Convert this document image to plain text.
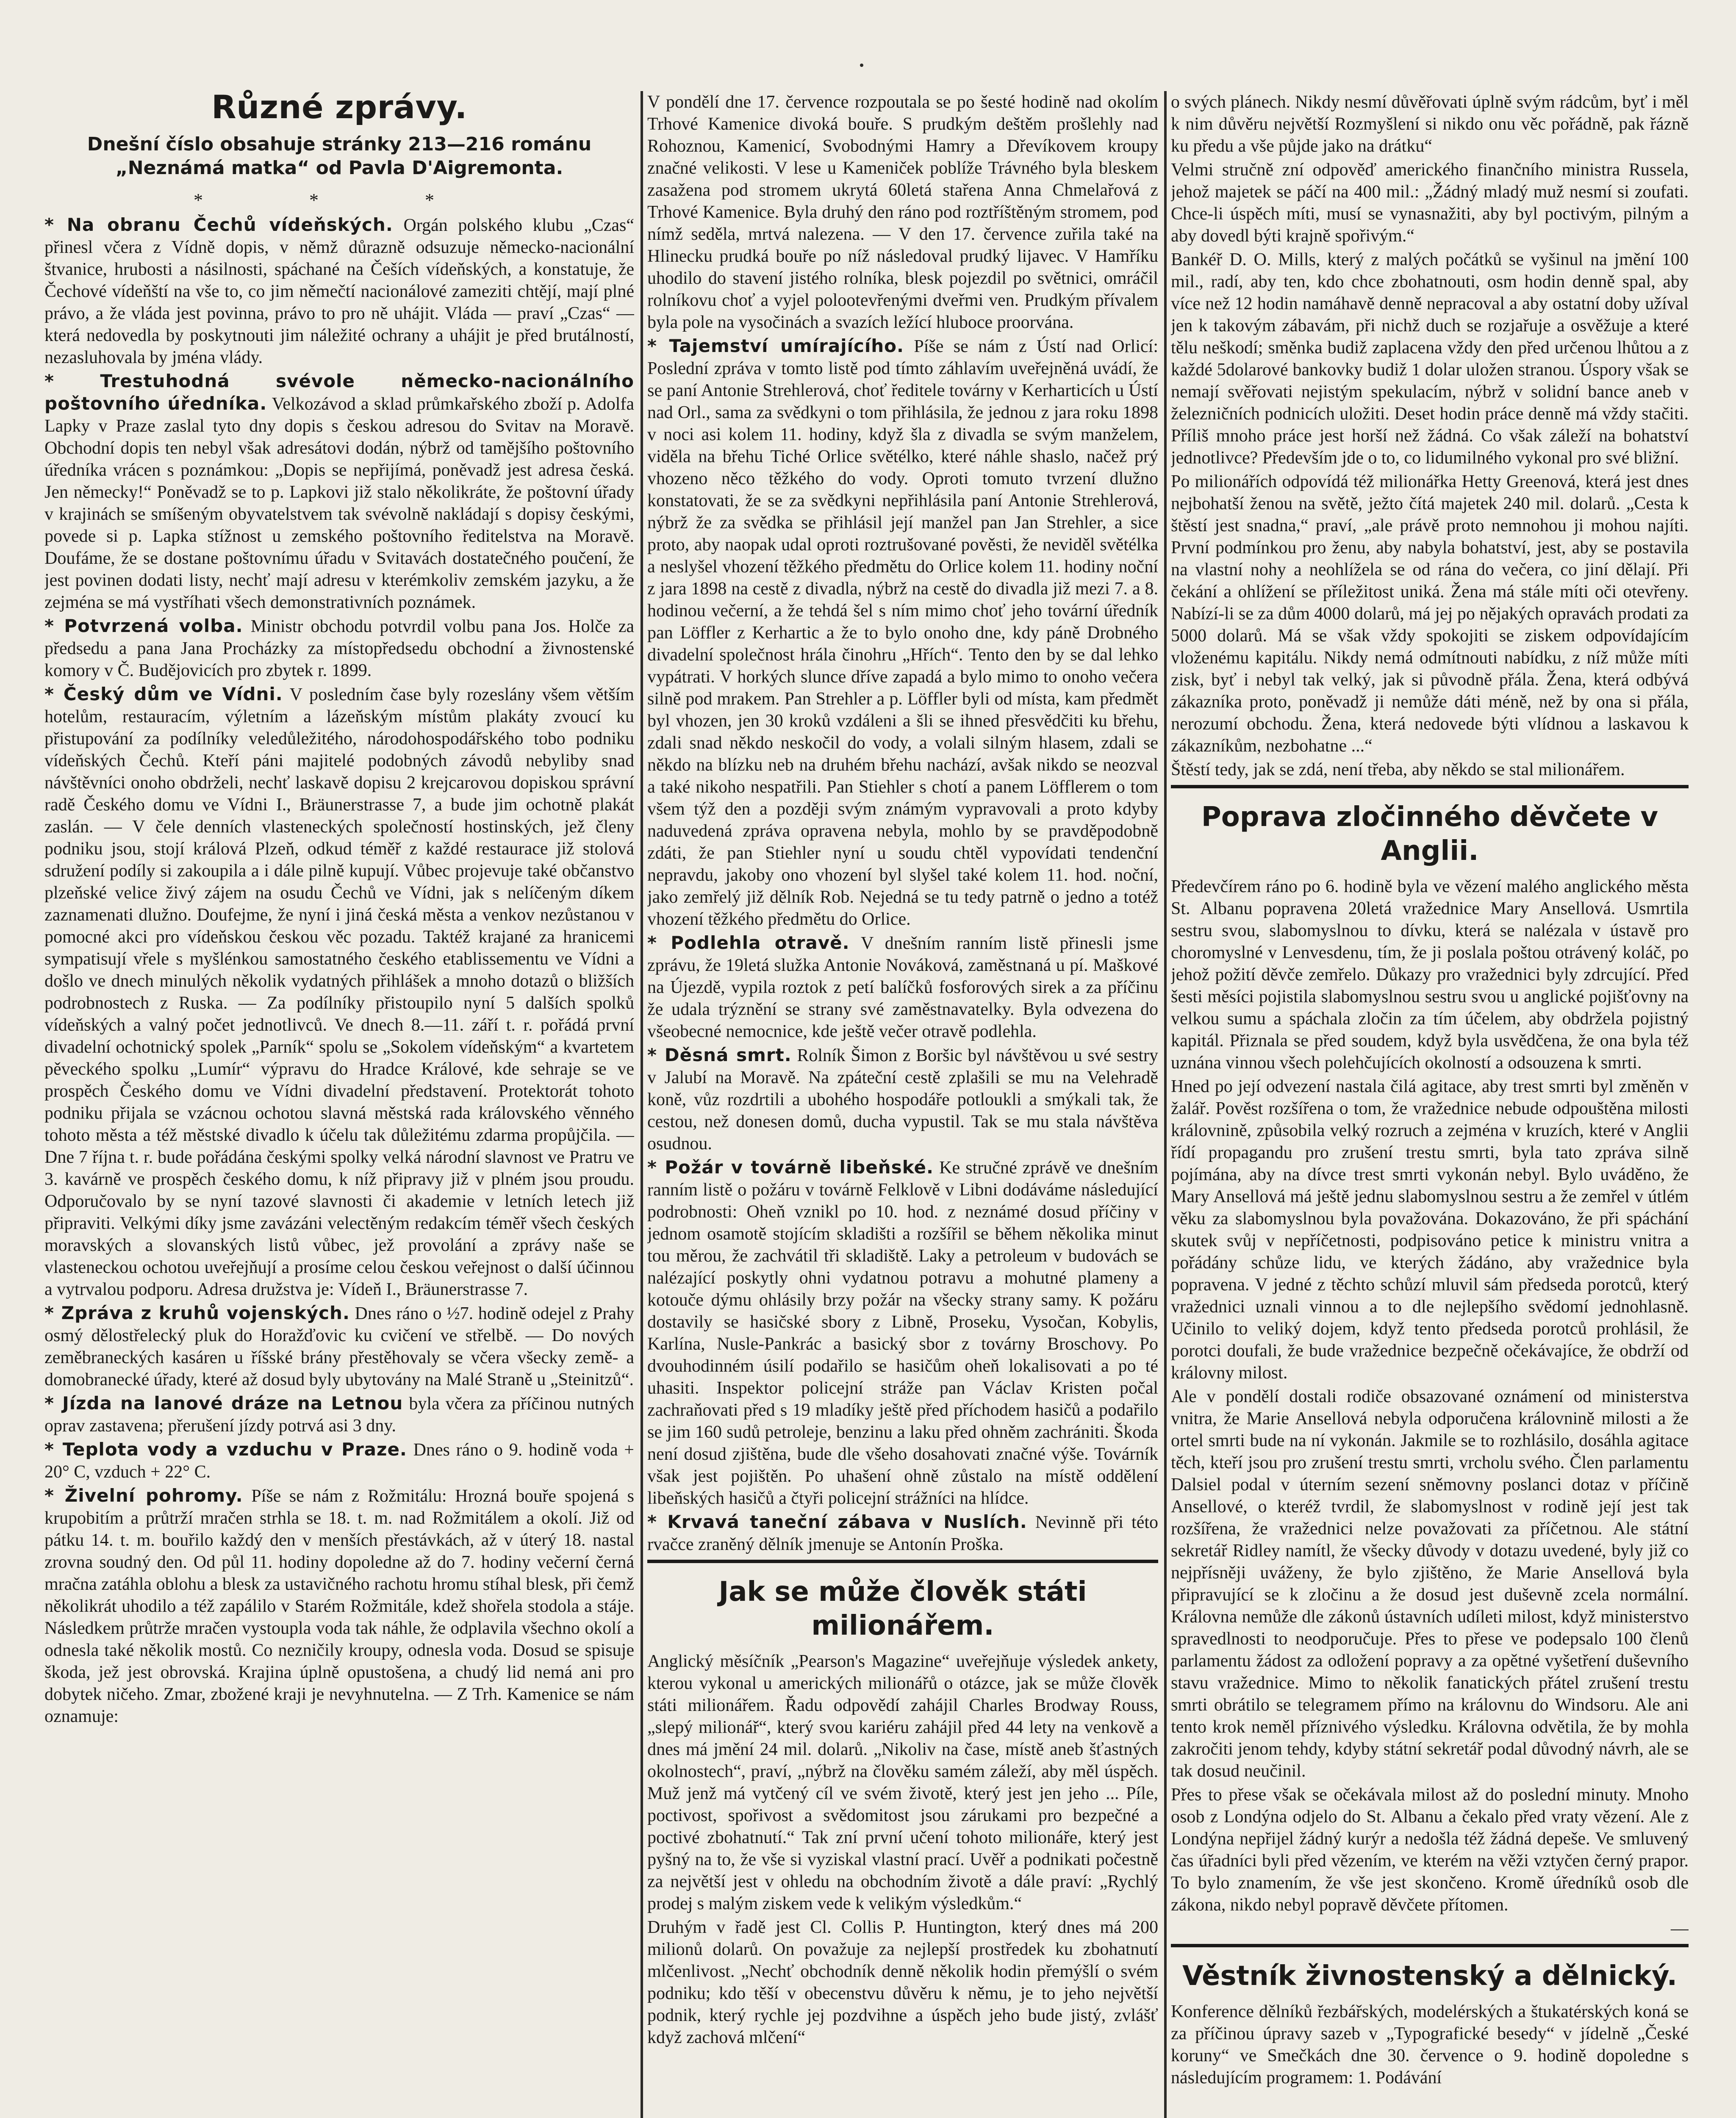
Různé zprávy.
Dnešní číslo obsahuje stránky 213—216 románu „Neznámá matka“ od Pavla D'Aigremonta.
* * *

* Na obranu Čechů vídeňských. Orgán polského klubu „Czas“ přinesl včera z Vídně dopis, v němž důrazně odsuzuje německo-nacionální štvanice, hrubosti a násilnosti, spáchané na Češích vídeňských, a konstatuje, že Čechové vídeňští na vše to, co jim němečtí nacionálové zameziti chtějí, mají plné právo, a že vláda jest povinna, právo to pro ně uhájit. Vláda — praví „Czas“ — která nedovedla by poskytnouti jim náležité ochrany a uhájit je před brutálností, nezasluhovala by jména vlády.

* Trestuhodná svévole německo-nacionálního poštovního úředníka. Velkozávod a sklad průmkařského zboží p. Adolfa Lapky v Praze zaslal tyto dny dopis s českou adresou do Svitav na Moravě. Obchodní dopis ten nebyl však adresátovi dodán, nýbrž od tamějšího poštovního úředníka vrácen s poznámkou: „Dopis se nepřijímá, poněvadž jest adresa česká. Jen německy!“ Poněvadž se to p. Lapkovi již stalo několikráte, že poštovní úřady v krajinách se smíšeným obyvatelstvem tak svévolně nakládají s dopisy českými, povede si p. Lapka stížnost u zemského poštovního ředitelstva na Moravě. Doufáme, že se dostane poštovnímu úřadu v Svitavách dostatečného poučení, že jest povinen dodati listy, nechť mají adresu v kterémkoliv zemském jazyku, a že zejména se má vystříhati všech demonstrativních poznámek.

* Potvrzená volba. Ministr obchodu potvrdil volbu pana Jos. Holče za předsedu a pana Jana Procházky za místopředsedu obchodní a živnostenské komory v Č. Budějovicích pro zbytek r. 1899.

* Český dům ve Vídni. V posledním čase byly rozeslány všem větším hotelům, restauracím, výletním a lázeňským místům plakáty zvoucí ku přistupování za podílníky veledůležitého, národohospodářského tobo podniku vídeňských Čechů. Kteří páni majitelé podobných závodů nebyliby snad návštěvníci onoho obdrželi, nechť laskavě dopisu 2 krejcarovou dopiskou správní radě Českého domu ve Vídni I., Bräunerstrasse 7, a bude jim ochotně plakát zaslán. — V čele denních vlasteneckých společností hostinských, jež členy podniku jsou, stojí králová Plzeň, odkud téměř z každé restaurace již stolová sdružení podíly si zakoupila a i dále pilně kupují. Vůbec projevuje také občanstvo plzeňské velice živý zájem na osudu Čechů ve Vídni, jak s nelíčeným díkem zaznamenati dlužno. Doufejme, že nyní i jiná česká města a venkov nezůstanou v pomocné akci pro vídeňskou českou věc pozadu. Taktéž krajané za hranicemi sympatisují vřele s myšlénkou samostatného českého etablissementu ve Vídni a došlo ve dnech minulých několik vydatných přihlášek a mnoho dotazů o bližších podrobnostech z Ruska. — Za podílníky přistoupilo nyní 5 dalších spolků vídeňských a valný počet jednotlivců. Ve dnech 8.—11. září t. r. pořádá první divadelní ochotnický spolek „Parník“ spolu se „Sokolem vídeňským“ a kvartetem pěveckého spolku „Lumír“ výpravu do Hradce Králové, kde sehraje se ve prospěch Českého domu ve Vídni divadelní představení. Protektorát tohoto podniku přijala se vzácnou ochotou slavná městská rada královského věnného tohoto města a též městské divadlo k účelu tak důležitému zdarma propůjčila. — Dne 7 října t. r. bude pořádána českými spolky velká národní slavnost ve Pratru ve 3. kavárně ve prospěch českého domu, k níž připravy již v plném jsou proudu. Odporučovalo by se nyní tazové slavnosti či akademie v letních letech již připraviti. Velkými díky jsme zavázáni velectěným redakcím téměř všech českých moravských a slovanských listů vůbec, jež provolání a zprávy naše se vlasteneckou ochotou uveřejňují a prosíme celou českou veřejnost o další účinnou a vytrvalou podporu. Adresa družstva je: Vídeň I., Bräunerstrasse 7.

* Zpráva z kruhů vojenských. Dnes ráno o ½7. hodině odejel z Prahy osmý dělostřelecký pluk do Horažďovic ku cvičení ve střelbě. — Do nových zeměbraneckých kasáren u říšské brány přestěhovaly se včera všecky země- a domobranecké úřady, které až dosud byly ubytovány na Malé Straně u „Steinitzů“.

* Jízda na lanové dráze na Letnou byla včera za příčinou nutných oprav zastavena; přerušení jízdy potrvá asi 3 dny.

* Teplota vody a vzduchu v Praze. Dnes ráno o 9. hodině voda + 20° C, vzduch + 22° C.

* Živelní pohromy. Píše se nám z Rožmitálu: Hrozná bouře spojená s krupobitím a průtrží mračen strhla se 18. t. m. nad Rožmitálem a okolí. Již od pátku 14. t. m. bouřilo každý den v menších přestávkách, až v úterý 18. nastal zrovna soudný den. Od půl 11. hodiny dopoledne až do 7. hodiny večerní černá mračna zatáhla oblohu a blesk za ustavičného rachotu hromu stíhal blesk, při čemž několikrát uhodilo a též zapálilo v Starém Rožmitále, kdež shořela stodola a stáje. Následkem průtrže mračen vystoupla voda tak náhle, že odplavila všechno okolí a odnesla také několik mostů. Co nezničily kroupy, odnesla voda. Dosud se spisuje škoda, jež jest obrovská. Krajina úplně opustošena, a chudý lid nemá ani pro dobytek ničeho. Zmar, zbožené kraji je nevyhnutelna. — Z Trh. Kamenice se nám oznamuje:

V pondělí dne 17. července rozpoutala se po šesté hodině nad okolím Trhové Kamenice divoká bouře. S prudkým deštěm prošlehly nad Rohoznou, Kamenicí, Svobodnými Hamry a Dřevíkovem kroupy značné velikosti. V lese u Kameniček poblíže Trávného byla bleskem zasažena pod stromem ukrytá 60letá stařena Anna Chmelařová z Trhové Kamenice. Byla druhý den ráno pod roztříštěným stromem, pod nímž seděla, mrtvá nalezena. — V den 17. července zuřila také na Hlinecku prudká bouře po níž následoval prudký lijavec. V Hamříku uhodilo do stavení jistého rolníka, blesk pojezdil po světnici, omráčil rolníkovu choť a vyjel polootevřenými dveřmi ven. Prudkým přívalem byla pole na vysočinách a svazích ležící hluboce proorvána.

* Tajemství umírajícího. Píše se nám z Ústí nad Orlicí: Poslední zpráva v tomto listě pod tímto záhlavím uveřejněná uvádí, že se paní Antonie Strehlerová, choť ředitele továrny v Kerharticích u Ústí nad Orl., sama za svědkyni o tom přihlásila, že jednou z jara roku 1898 v noci asi kolem 11. hodiny, když šla z divadla se svým manželem, viděla na břehu Tiché Orlice světélko, které náhle shaslo, načež prý vhozeno něco těžkého do vody. Oproti tomuto tvrzení dlužno konstatovati, že se za svědkyni nepřihlásila paní Antonie Strehlerová, nýbrž že za svědka se přihlásil její manžel pan Jan Strehler, a sice proto, aby naopak udal oproti roztrušované pověsti, že neviděl světélka a neslyšel vhození těžkého předmětu do Orlice kolem 11. hodiny noční z jara 1898 na cestě z divadla, nýbrž na cestě do divadla již mezi 7. a 8. hodinou večerní, a že tehdá šel s ním mimo choť jeho tovární úředník pan Löffler z Kerhartic a že to bylo onoho dne, kdy páně Drobného divadelní společnost hrála činohru „Hřích“. Tento den by se dal lehko vypátrati. V horkých slunce dříve zapadá a bylo mimo to onoho večera silně pod mrakem. Pan Strehler a p. Löffler byli od místa, kam předmět byl vhozen, jen 30 kroků vzdáleni a šli se ihned přesvědčiti ku břehu, zdali snad někdo neskočil do vody, a volali silným hlasem, zdali se někdo na blízku neb na druhém břehu nachází, avšak nikdo se neozval a také nikoho nespatřili. Pan Stiehler s chotí a panem Löfflerem o tom všem týž den a později svým známým vypravovali a proto kdyby naduvedená zpráva opravena nebyla, mohlo by se pravděpodobně zdáti, že pan Stiehler nyní u soudu chtěl vypovídati tendenční nepravdu, jakoby ono vhození byl slyšel také kolem 11. hod. noční, jako zemřelý již dělník Rob. Nejedná se tu tedy patrně o jedno a totéž vhození těžkého předmětu do Orlice.

* Podlehla otravě. V dnešním ranním listě přinesli jsme zprávu, že 19letá služka Antonie Nováková, zaměstnaná u pí. Maškové na Újezdě, vypila roztok z petí balíčků fosforových sirek a za příčinu že udala trýznění se strany své zaměstnavatelky. Byla odvezena do všeobecné nemocnice, kde ještě večer otravě podlehla.

* Děsná smrt. Rolník Šimon z Boršic byl návštěvou u své sestry v Jalubí na Moravě. Na zpáteční cestě zplašili se mu na Velehradě koně, vůz rozdrtili a ubohého hospodáře potloukli a smýkali tak, že cestou, než donesen domů, ducha vypustil. Tak se mu stala návštěva osudnou.

* Požár v továrně libeňské. Ke stručné zprávě ve dnešním ranním listě o požáru v továrně Felklově v Libni dodáváme následující podrobnosti: Oheň vznikl po 10. hod. z neznámé dosud příčiny v jednom osamotě stojícím skladišti a rozšířil se během několika minut tou měrou, že zachvátil tři skladiště. Laky a petroleum v budovách se nalézající poskytly ohni vydatnou potravu a mohutné plameny a kotouče dýmu ohlásily brzy požár na všecky strany samy. K požáru dostavily se hasičské sbory z Libně, Proseku, Vysočan, Kobylis, Karlína, Nusle-Pankrác a basický sbor z továrny Broschovy. Po dvouhodinném úsilí podařilo se hasičům oheň lokalisovati a po té uhasiti. Inspektor policejní stráže pan Václav Kristen počal zachraňovati před s 19 mladíky ještě před příchodem hasičů a podařilo se jim 160 sudů petroleje, benzinu a laku před ohněm zachrániti. Škoda není dosud zjištěna, bude dle všeho dosahovati značné výše. Továrník však jest pojištěn. Po uhašení ohně zůstalo na místě oddělení libeňských hasičů a čtyři policejní strážníci na hlídce.

* Krvavá taneční zábava v Nuslích. Nevinně při této rvačce zraněný dělník jmenuje se Antonín Proška.

Jak se může člověk státi milionářem.

Anglický měsíčník „Pearson's Magazine“ uveřejňuje výsledek ankety, kterou vykonal u amerických milionářů o otázce, jak se může člověk státi milionářem. Řadu odpovědí zahájil Charles Brodway Rouss, „slepý milionář“, který svou kariéru zahájil před 44 lety na venkově a dnes má jmění 24 mil. dolarů. „Nikoliv na čase, místě aneb šťastných okolnostech“, praví, „nýbrž na člověku samém záleží, aby měl úspěch. Muž jenž má vytčený cíl ve svém životě, který jest jen jeho ... Píle, poctivost, spořivost a svědomitost jsou zárukami pro bezpečné a poctivé zbohatnutí.“ Tak zní první učení tohoto milionáře, který jest pyšný na to, že vše si vyziskal vlastní prací. Uvěř a podnikati počestně za největší jest v ohledu na obchodním životě a dále praví: „Rychlý prodej s malým ziskem vede k velikým výsledkům.“

Druhým v řadě jest Cl. Collis P. Huntington, který dnes má 200 milionů dolarů. On považuje za nejlepší prostředek ku zbohatnutí mlčenlivost. „Nechť obchodník denně několik hodin přemýšlí o svém podniku; kdo těší v obecenstvu důvěru k němu, je to jeho největší podnik, který rychle jej pozdvihne a úspěch jeho bude jistý, zvlášť když zachová mlčení“

o svých plánech. Nikdy nesmí důvěřovati úplně svým rádcům, byť i měl k nim důvěru největší Rozmyšlení si nikdo onu věc pořádně, pak řázně ku předu a vše půjde jako na drátku“

Velmi stručně zní odpověď amerického finančního ministra Russela, jehož majetek se páčí na 400 mil.: „Žádný mladý muž nesmí si zoufati. Chce-li úspěch míti, musí se vynasnažiti, aby byl poctivým, pilným a aby dovedl býti krajně spořivým.“

Bankéř D. O. Mills, který z malých počátků se vyšinul na jmění 100 mil., radí, aby ten, kdo chce zbohatnouti, osm hodin denně spal, aby více než 12 hodin namáhavě denně nepracoval a aby ostatní doby užíval jen k takovým zábavám, při nichž duch se rozjařuje a osvěžuje a které tělu neškodí; směnka budiž zaplacena vždy den před určenou lhůtou a z každé 5dolarové bankovky budiž 1 dolar uložen stranou. Úspory však se nemají svěřovati nejistým spekulacím, nýbrž v solidní bance aneb v železničních podnicích uložiti. Deset hodin práce denně má vždy stačiti. Příliš mnoho práce jest horší než žádná. Co však záleží na bohatství jednotlivce? Především jde o to, co lidumilného vykonal pro své bližní.

Po milionářích odpovídá též milionářka Hetty Greenová, která jest dnes nejbohatší ženou na světě, ježto čítá majetek 240 mil. dolarů. „Cesta k štěstí jest snadna,“ praví, „ale právě proto nemnohou ji mohou najíti. První podmínkou pro ženu, aby nabyla bohatství, jest, aby se postavila na vlastní nohy a neohlížela se od rána do večera, co jiní dělají. Při čekání a ohlížení se příležitost uniká. Žena má stále míti oči otevřeny. Nabízí-li se za dům 4000 dolarů, má jej po nějakých opravách prodati za 5000 dolarů. Má se však vždy spokojiti se ziskem odpovídajícím vloženému kapitálu. Nikdy nemá odmítnouti nabídku, z níž může míti zisk, byť i nebyl tak velký, jak si původně přála. Žena, která odbývá zákazníka proto, poněvadž ji nemůže dáti méně, než by ona si přála, nerozumí obchodu. Žena, která nedovede býti vlídnou a laskavou k zákazníkům, nezbohatne ...“

Štěstí tedy, jak se zdá, není třeba, aby někdo se stal milionářem.

Poprava zločinného děvčete v Anglii.

Předevčírem ráno po 6. hodině byla ve vězení malého anglického města St. Albanu popravena 20letá vražednice Mary Ansellová. Usmrtila sestru svou, slabomyslnou to dívku, která se nalézala v ústavě pro choromyslné v Lenvesdenu, tím, že ji poslala poštou otrávený koláč, po jehož požití děvče zemřelo. Důkazy pro vražednici byly zdrcující. Před šesti měsíci pojistila slabomyslnou sestru svou u anglické pojišťovny na velkou sumu a spáchala zločin za tím účelem, aby obdržela pojistný kapitál. Přiznala se před soudem, když byla usvědčena, že ona byla též uznána vinnou všech polehčujících okolností a odsouzena k smrti.

Hned po její odvezení nastala čilá agitace, aby trest smrti byl změněn v žalář. Pověst rozšířena o tom, že vražednice nebude odpouštěna milosti královnině, způsobila velký rozruch a zejména v kruzích, které v Anglii řídí propagandu pro zrušení trestu smrti, byla tato zpráva silně pojímána, aby na dívce trest smrti vykonán nebyl. Bylo uváděno, že Mary Ansellová má ještě jednu slabomyslnou sestru a že zemřel v útlém věku za slabomyslnou byla považována. Dokazováno, že při spáchání skutek svůj v nepříčetnosti, podpisováno petice k ministru vnitra a pořádány schůze lidu, ve kterých žádáno, aby vražednice byla popravena. V jedné z těchto schůzí mluvil sám předseda porotců, který vražednici uznali vinnou a to dle nejlepšího svědomí jednohlasně. Učinilo to veliký dojem, když tento předseda porotců prohlásil, že porotci doufali, že bude vražednice bezpečně očekávajíce, že obdrží od královny milost.

Ale v pondělí dostali rodiče obsazované oznámení od ministerstva vnitra, že Marie Ansellová nebyla odporučena královnině milosti a že ortel smrti bude na ní vykonán. Jakmile se to rozhlásilo, dosáhla agitace těch, kteří jsou pro zrušení trestu smrti, vrcholu svého. Člen parlamentu Dalsiel podal v úterním sezení sněmovny poslanci dotaz v příčině Ansellové, o kteréž tvrdil, že slabomyslnost v rodině její jest tak rozšířena, že vražednici nelze považovati za příčetnou. Ale státní sekretář Ridley namítl, že všecky důvody v dotazu uvedené, byly již co nejpřísněji uváženy, že bylo zjištěno, že Marie Ansellová byla připravující se k zločinu a že dosud jest duševně zcela normální. Královna nemůže dle zákonů ústavních udíleti milost, když ministerstvo spravedlnosti to neodporučuje. Přes to přese ve podepsalo 100 členů parlamentu žádost za odložení popravy a za opětné vyšetření duševního stavu vražednice. Mimo to několik fanatických přátel zrušení trestu smrti obrátilo se telegramem přímo na královnu do Windsoru. Ale ani tento krok neměl příznivého výsledku. Královna odvětila, že by mohla zakročiti jenom tehdy, kdyby státní sekretář podal důvodný návrh, ale se tak dosud neučinil.

Přes to přese však se očekávala milost až do poslední minuty. Mnoho osob z Londýna odjelo do St. Albanu a čekalo před vraty vězení. Ale z Londýna nepřijel žádný kurýr a nedošla též žádná depeše. Ve smluvený čas úřadníci byli před vězením, ve kterém na věži vztyčen černý prapor. To bylo znamením, že vše jest skončeno. Kromě úředníků osob dle zákona, nikdo nebyl popravě děvčete přítomen.

—

Věstník živnostenský a dělnický.

Konference dělníků řezbářských, modelérských a štukatérských koná se za příčinou úpravy sazeb v „Typografické besedy“ v jídelně „České koruny“ ve Smečkách dne 30. července o 9. hodině dopoledne s následujícím programem: 1. Podávání
